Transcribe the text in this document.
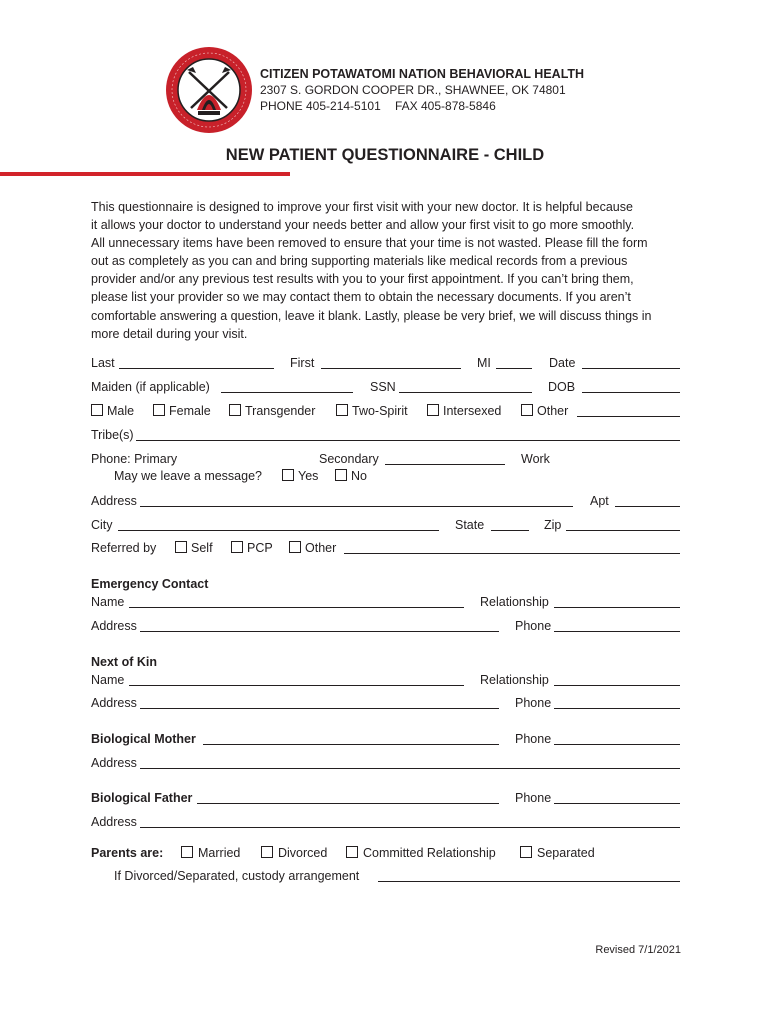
CITIZEN POTAWATOMI NATION BEHAVIORAL HEALTH
2307 S. GORDON COOPER DR., SHAWNEE, OK 74801
PHONE 405-214-5101 FAX 405-878-5846
NEW PATIENT QUESTIONNAIRE - CHILD
This questionnaire is designed to improve your first visit with your new doctor. It is helpful because
it allows your doctor to understand your needs better and allow your first visit to go more smoothly.
All unnecessary items have been removed to ensure that your time is not wasted. Please fill the form
out as completely as you can and bring supporting materials like medical records from a previous
provider and/or any previous test results with you to your first appointment. If you can’t bring them,
please list your provider so we may contact them to obtain the necessary documents. If you aren’t
comfortable answering a question, leave it blank. Lastly, please be very brief, we will discuss things in
more detail during your visit.
Last	First	MI	Date
Maiden (if applicable)	SSN	DOB
Male	Female	Transgender	Two-Spirit	Intersexed	Other
Tribe(s)
Phone: Primary	Secondary	Work
May we leave a message?	Yes	No
Address	Apt
City	State	Zip
Referred by	Self	PCP	Other
Emergency Contact
Name	Relationship
Address	Phone
Next of Kin
Name	Relationship
Address	Phone
Biological Mother	Phone
Address
Biological Father	Phone
Address
Parents are:	Married	Divorced	Committed Relationship	Separated
If Divorced/Separated, custody arrangement
Revised 7/1/2021
